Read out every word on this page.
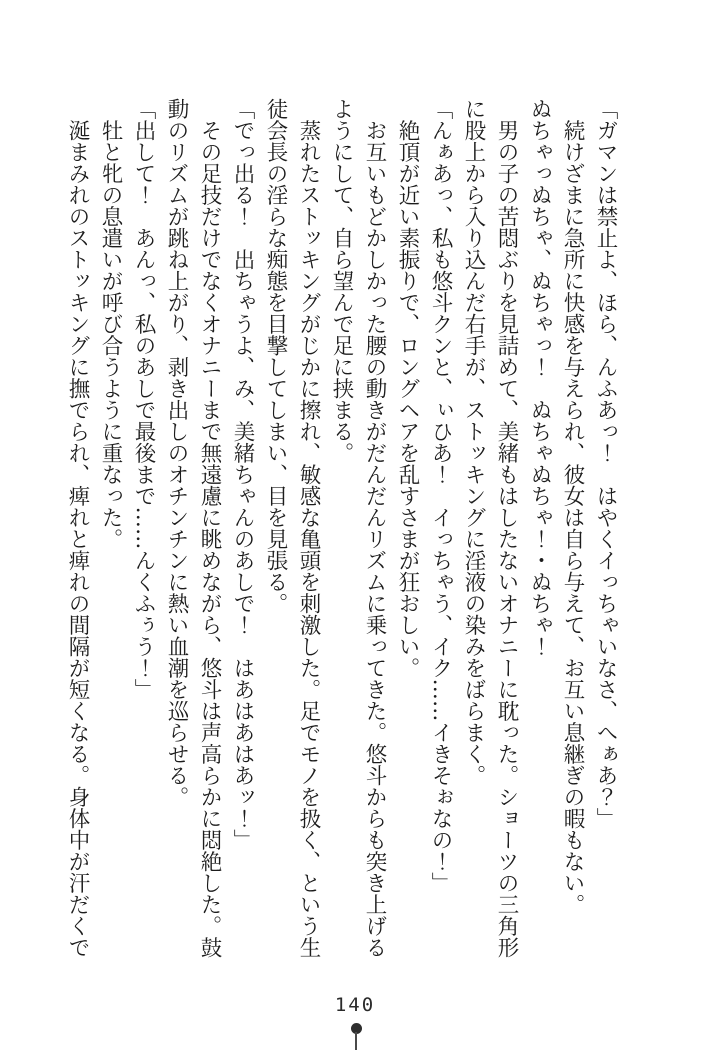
「ガマンは禁止よ、ほら、んふあっ！　はやくイっちゃいなさ、へぁあ？」
　続けざまに急所に快感を与えられ、彼女は自ら与えて、お互い息継ぎの暇もない。
ぬちゃっぬちゃ、ぬちゃっ！　ぬちゃぬちゃ！・ぬちゃ！
　男の子の苦悶ぶりを見詰めて、美緒もはしたないオナニーに耽った。ショーツの三角形
に股上から入り込んだ右手が、ストッキングに淫液の染みをばらまく。
「んぁあっ、私も悠斗クンと、ぃひあ！　イっちゃう、イク……イきそぉなの！」
　絶頂が近い素振りで、ロングヘアを乱すさまが狂おしい。
　お互いもどかしかった腰の動きがだんだんリズムに乗ってきた。悠斗からも突き上げる
ようにして、自ら望んで足に挟まる。
　蒸れたストッキングがじかに擦れ、敏感な亀頭を刺激した。足でモノを扱く、という生
徒会長の淫らな痴態を目撃してしまい、目を見張る。
「でっ出る！　出ちゃうよ、み、美緒ちゃんのあしで！　はあはあはあッ！」
　その足技だけでなくオナニーまで無遠慮に眺めながら、悠斗は声高らかに悶絶した。鼓
動のリズムが跳ね上がり、剥き出しのオチンチンに熱い血潮を巡らせる。
「出して！　あんっ、私のあしで最後まで……んくふぅう！」
　牡と牝の息遣いが呼び合うように重なった。
　涎まみれのストッキングに撫でられ、痺れと痺れの間隔が短くなる。身体中が汗だくで
140
